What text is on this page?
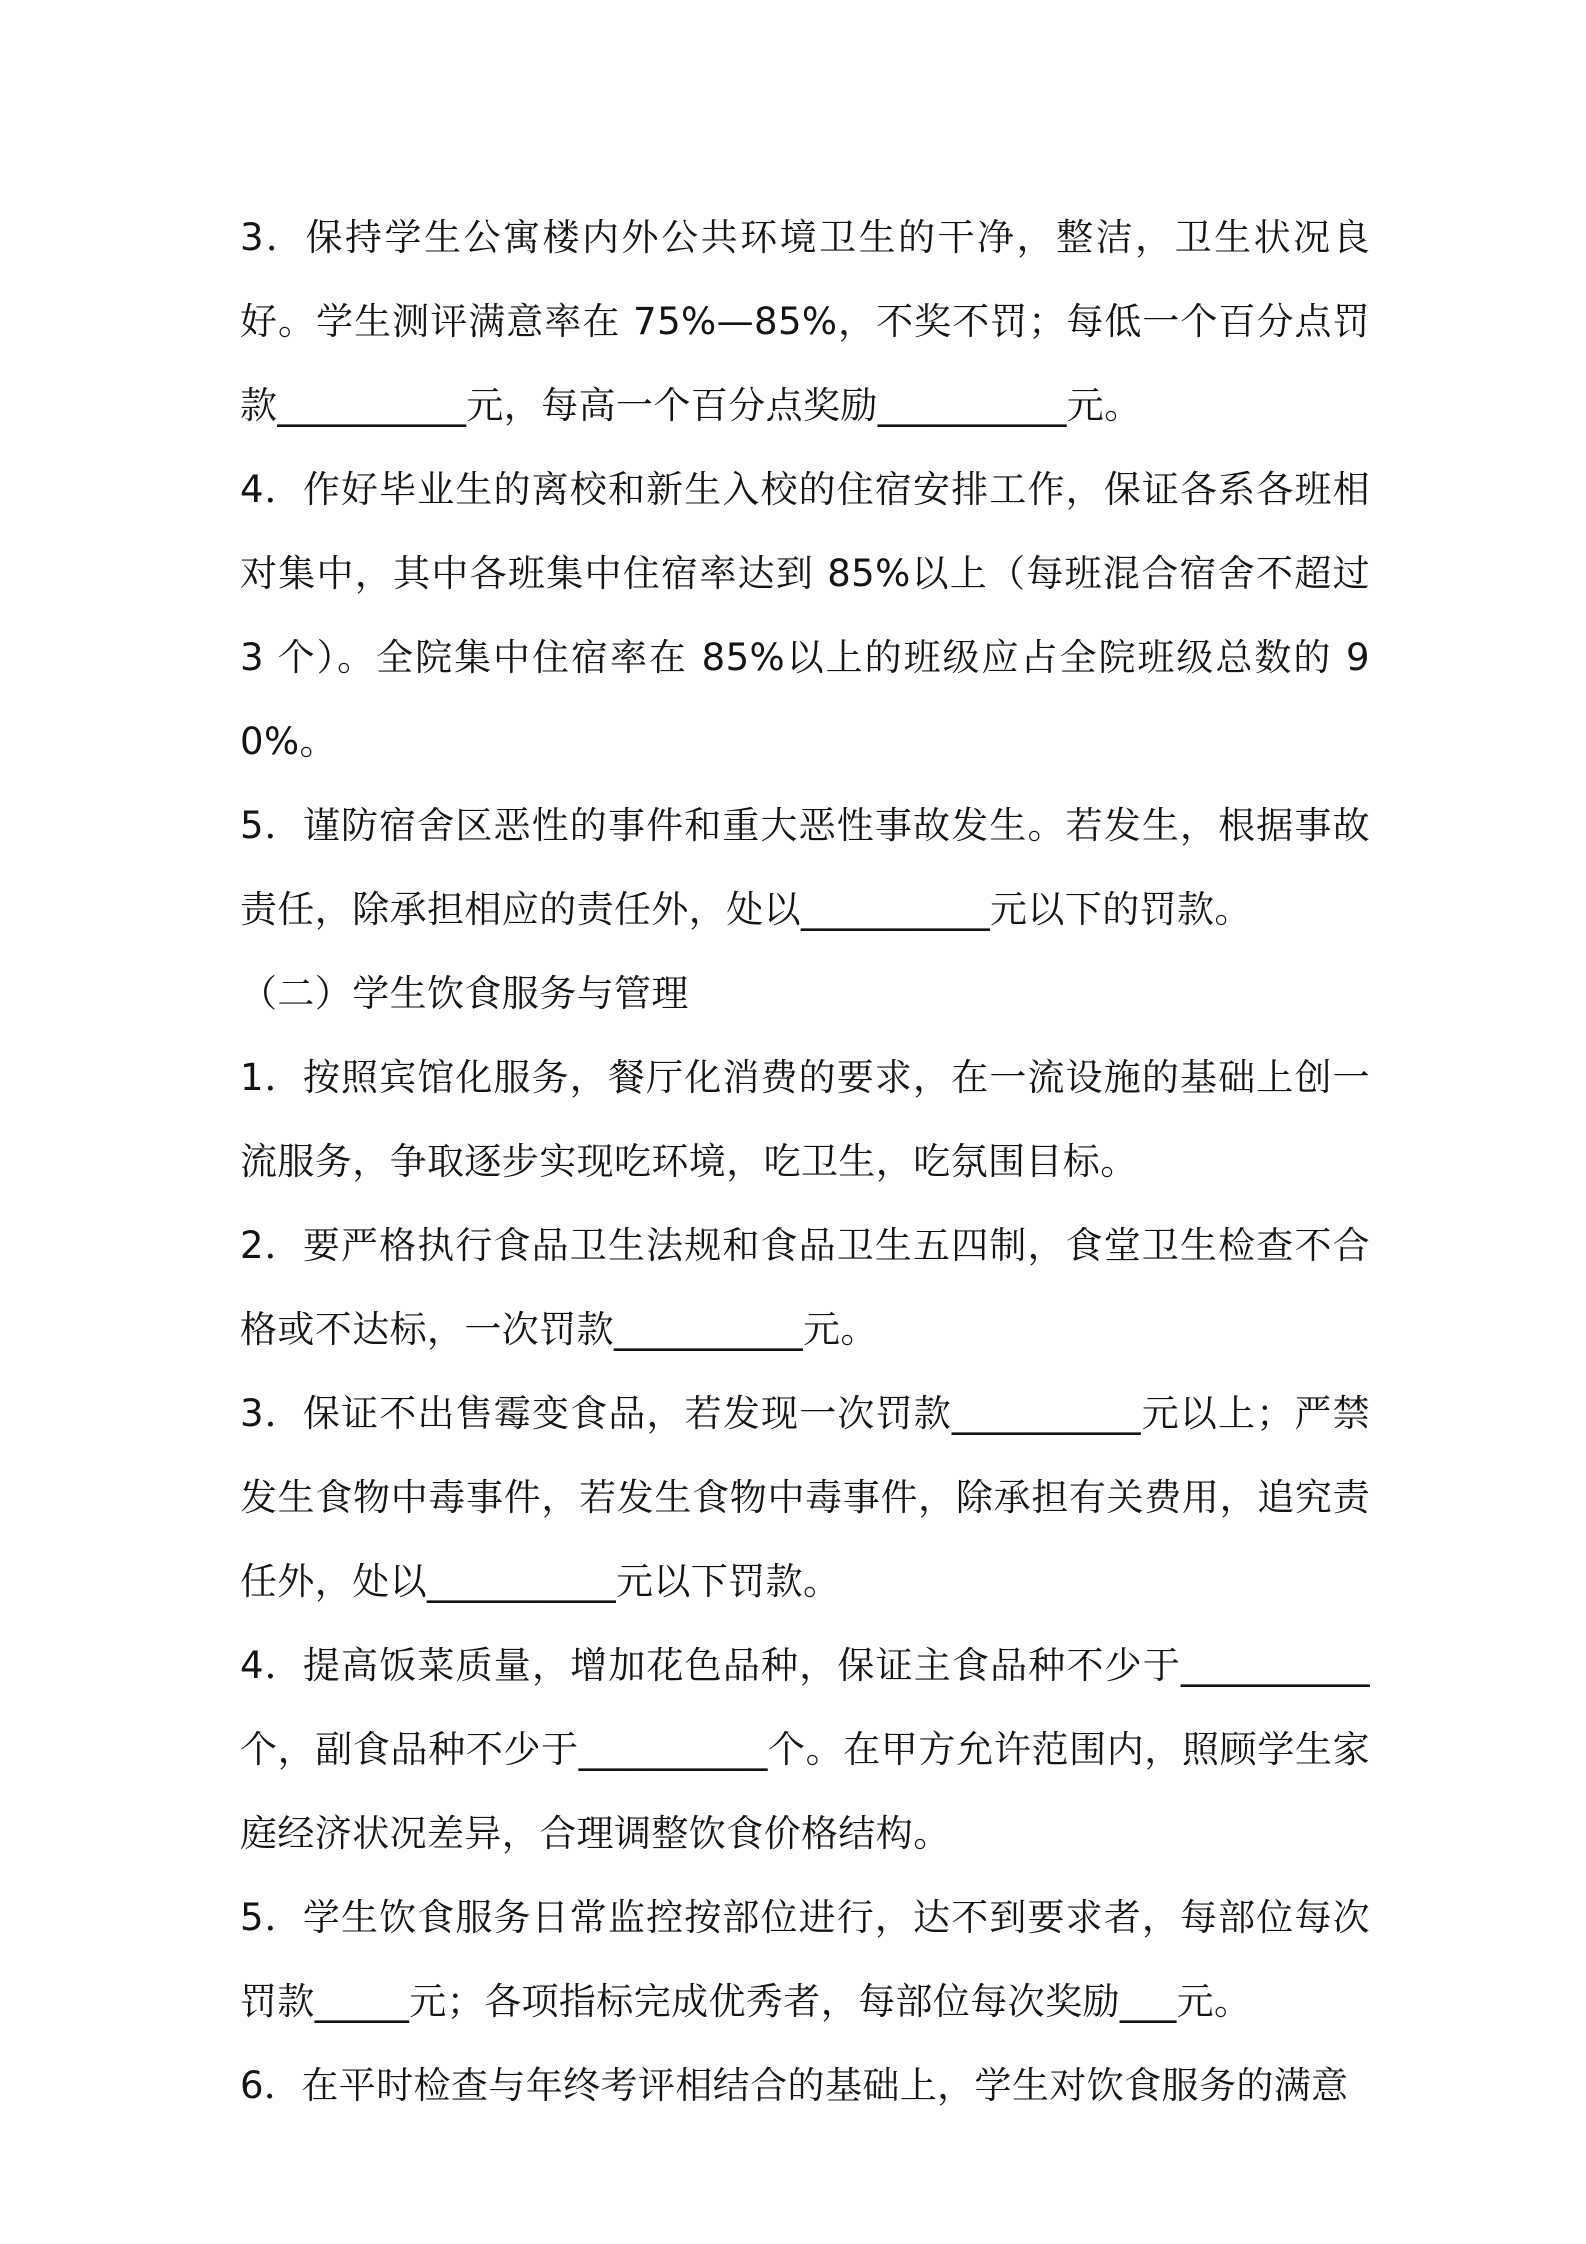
3．保持学生公寓楼内外公共环境卫生的干净，整洁，卫生状况良好。学生测评满意率在 75%—85%，不奖不罚；每低一个百分点罚款__________元，每高一个百分点奖励__________元。

4．作好毕业生的离校和新生入校的住宿安排工作，保证各系各班相对集中，其中各班集中住宿率达到 85%以上（每班混合宿舍不超过 3 个）。全院集中住宿率在 85%以上的班级应占全院班级总数的 90%。

5．谨防宿舍区恶性的事件和重大恶性事故发生。若发生，根据事故责任，除承担相应的责任外，处以__________元以下的罚款。

（二）学生饮食服务与管理

1．按照宾馆化服务，餐厅化消费的要求，在一流设施的基础上创一流服务，争取逐步实现吃环境，吃卫生，吃氛围目标。

2．要严格执行食品卫生法规和食品卫生五四制，食堂卫生检查不合格或不达标，一次罚款__________元。

3．保证不出售霉变食品，若发现一次罚款__________元以上；严禁发生食物中毒事件，若发生食物中毒事件，除承担有关费用，追究责任外，处以__________元以下罚款。

4．提高饭菜质量，增加花色品种，保证主食品种不少于__________个，副食品种不少于__________个。在甲方允许范围内，照顾学生家庭经济状况差异，合理调整饮食价格结构。

5．学生饮食服务日常监控按部位进行，达不到要求者，每部位每次罚款_____元；各项指标完成优秀者，每部位每次奖励___元。

6．在平时检查与年终考评相结合的基础上，学生对饮食服务的满意
